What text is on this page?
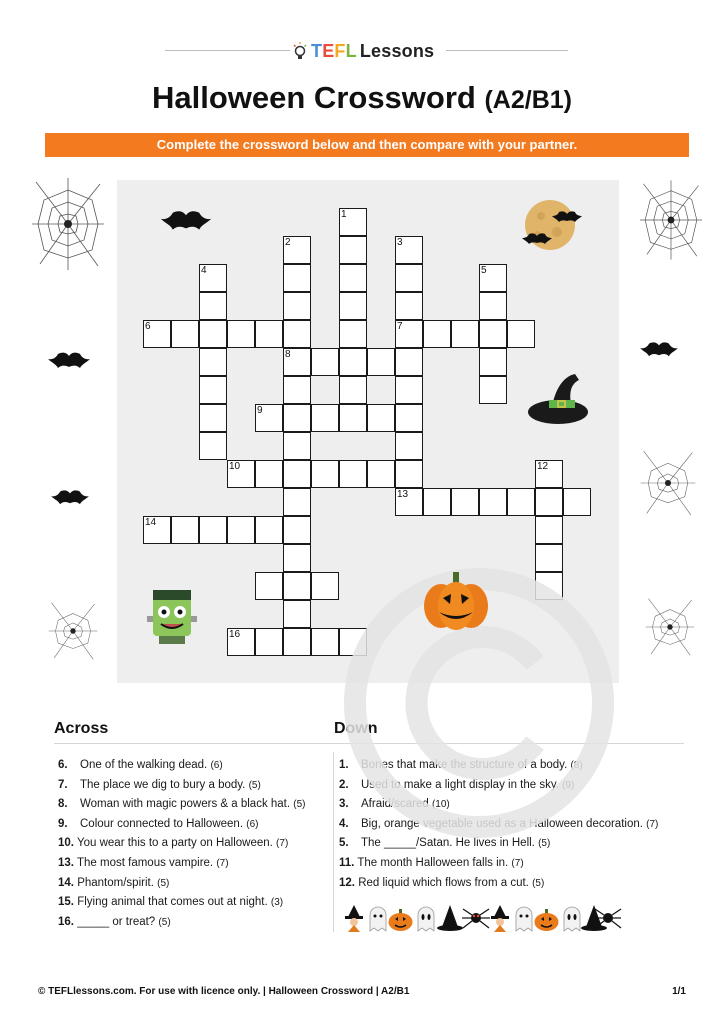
T E F L Lessons
Halloween Crossword (A2/B1)
Complete the crossword below and then compare with your partner.
6	7
8
9
10
13
14
16
1
2	3
4	5
12
Across	Down
6. One of the walking dead. (6)
7. The place we dig to bury a body. (5)
8. Woman with magic powers & a black hat. (5)
9. Colour connected to Halloween. (6)
10. You wear this to a party on Halloween. (7)
13. The most famous vampire. (7)
14. Phantom/spirit. (5)
15. Flying animal that comes out at night. (3)
16. _____ or treat? (5)
1. Bones that make the structure of a body. (8)
2. Used to make a light display in the sky. (9)
3. Afraid/scared (10)
4. Big, orange vegetable used as a Halloween decoration. (7)
5. The _____/Satan. He lives in Hell. (5)
11. The month Halloween falls in. (7)
12. Red liquid which flows from a cut. (5)
© TEFLlessons.com. For use with licence only. | Halloween Crossword | A2/B1	1/1
